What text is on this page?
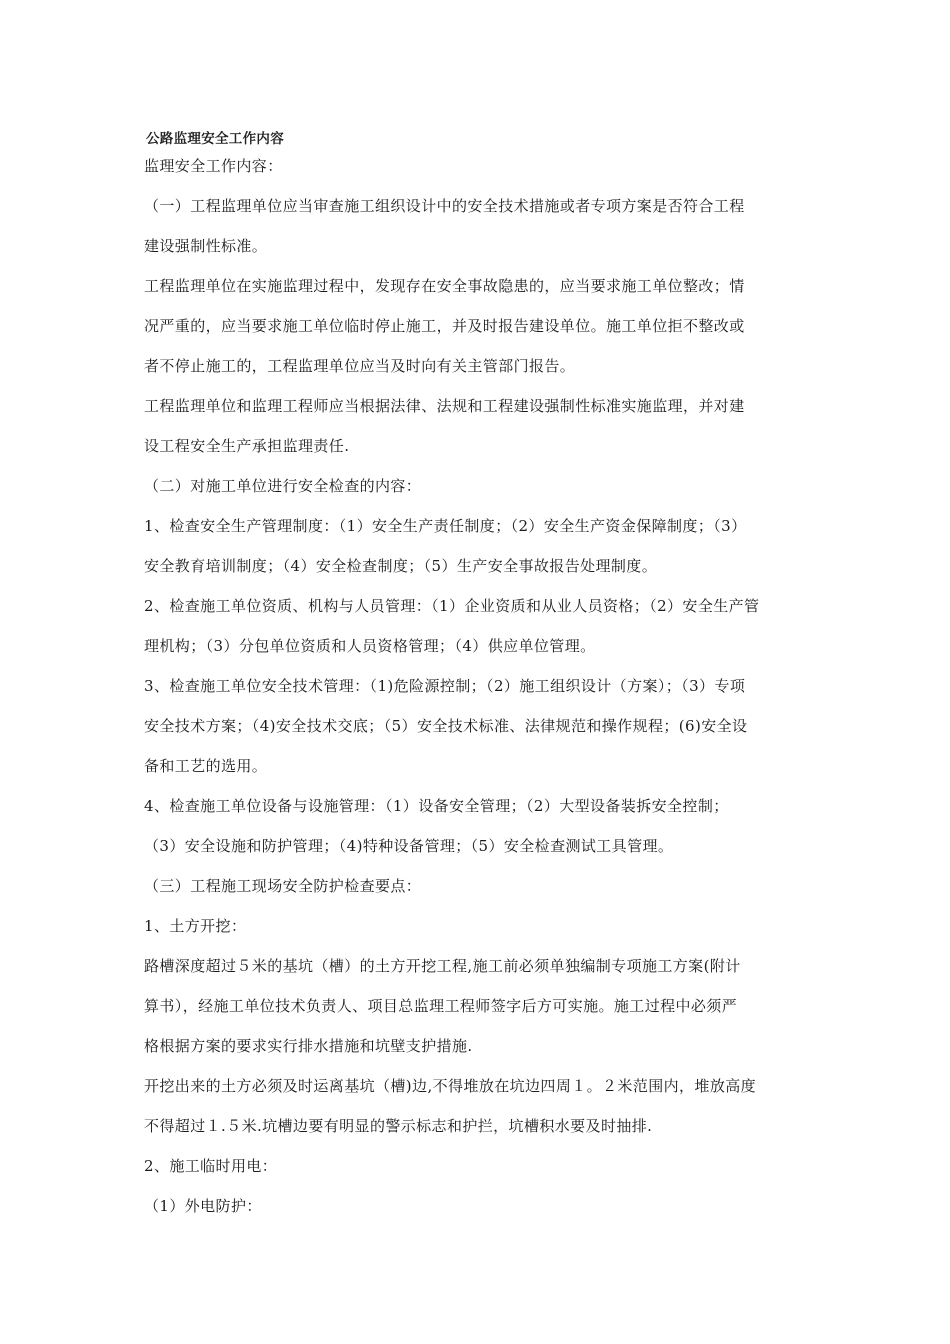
公路监理安全工作内容
监理安全工作内容：

（一）工程监理单位应当审查施工组织设计中的安全技术措施或者专项方案是否符合工程
建设强制性标准。

工程监理单位在实施监理过程中，发现存在安全事故隐患的，应当要求施工单位整改；情
况严重的，应当要求施工单位临时停止施工，并及时报告建设单位。施工单位拒不整改或
者不停止施工的，工程监理单位应当及时向有关主管部门报告。

工程监理单位和监理工程师应当根据法律、法规和工程建设强制性标准实施监理，并对建
设工程安全生产承担监理责任.

（二）对施工单位进行安全检查的内容：

1、检查安全生产管理制度：（1）安全生产责任制度；（2）安全生产资金保障制度；（3）
安全教育培训制度；（4）安全检查制度；（5）生产安全事故报告处理制度。

2、检查施工单位资质、机构与人员管理：（1）企业资质和从业人员资格；（2）安全生产管
理机构；（3）分包单位资质和人员资格管理；（4）供应单位管理。

3、检查施工单位安全技术管理：（1)危险源控制；（2）施工组织设计（方案）；（3）专项
安全技术方案；（4)安全技术交底；（5）安全技术标准、法律规范和操作规程；(6)安全设
备和工艺的选用。

4、检查施工单位设备与设施管理：（1）设备安全管理；（2）大型设备装拆安全控制；
（3）安全设施和防护管理；（4)特种设备管理；（5）安全检查测试工具管理。

（三）工程施工现场安全防护检查要点：

1、土方开挖：

路槽深度超过５米的基坑（槽）的土方开挖工程,施工前必须单独编制专项施工方案(附计
算书），经施工单位技术负责人、项目总监理工程师签字后方可实施。施工过程中必须严
格根据方案的要求实行排水措施和坑壁支护措施.

开挖出来的土方必须及时运离基坑（槽)边,不得堆放在坑边四周１。２米范围内，堆放高度
不得超过１.５米.坑槽边要有明显的警示标志和护拦，坑槽积水要及时抽排.

2、施工临时用电：

（1）外电防护：
